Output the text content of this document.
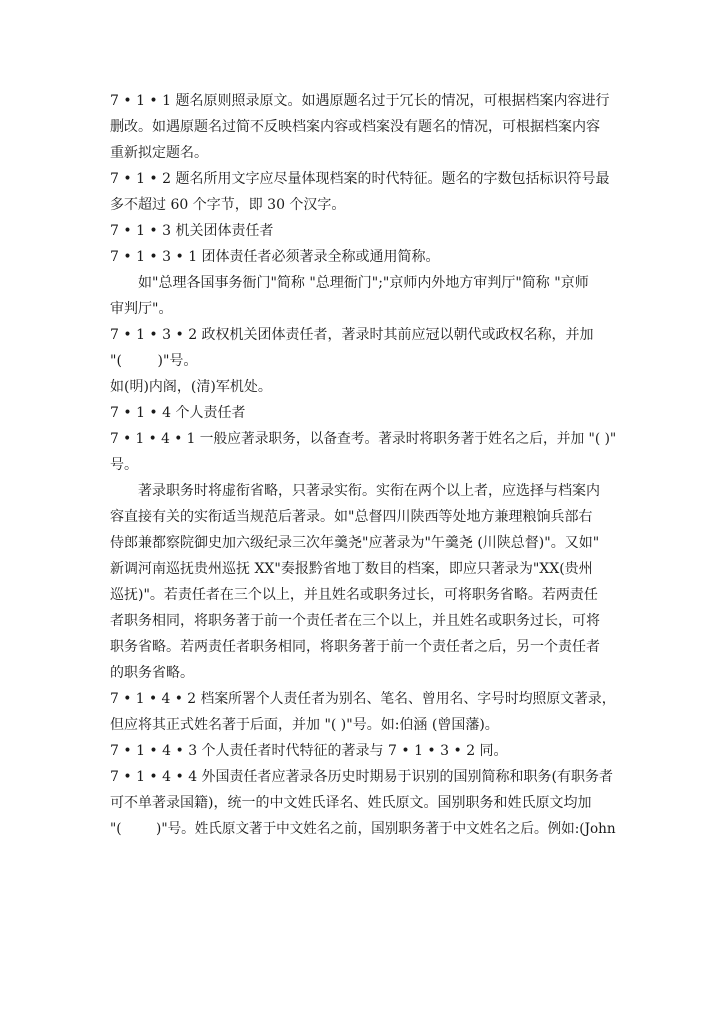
7 • 1 • 1 题名原则照录原文。如遇原题名过于冗长的情况，可根据档案内容进行
删改。如遇原题名过简不反映档案内容或档案没有题名的情况，可根据档案内容
重新拟定题名。
7 • 1 • 2 题名所用文字应尽量体现档案的时代特征。题名的字数包括标识符号最
多不超过 60 个字节，即 30 个汉字。
7 • 1 • 3 机关团体责任者
7 • 1 • 3 • 1 团体责任者必须著录全称或通用简称。
如"总理各国事务衙门"简称 "总理衙门";"京师内外地方审判厅"简称 "京师
审判厅"。
7 • 1 • 3 • 2 政权机关团体责任者，著录时其前应冠以朝代或政权名称，并加
"(        )"号。
如(明)内阁，(清)军机处。
7 • 1 • 4 个人责任者
7 • 1 • 4 • 1 一般应著录职务，以备查考。著录时将职务著于姓名之后，并加 "( )"
号。
著录职务时将虚衔省略，只著录实衔。实衔在两个以上者，应选择与档案内
容直接有关的实衔适当规范后著录。如"总督四川陕西等处地方兼理粮饷兵部右
侍郎兼都察院御史加六级纪录三次年羹尧"应著录为"午羹尧 (川陕总督)"。又如"
新调河南巡抚贵州巡抚 XX"奏报黔省地丁数目的档案，即应只著录为"XX(贵州
巡抚)"。若责任者在三个以上，并且姓名或职务过长，可将职务省略。若两责任
者职务相同，将职务著于前一个责任者在三个以上，并且姓名或职务过长，可将
职务省略。若两责任者职务相同，将职务著于前一个责任者之后，另一个责任者
的职务省略。
7 • 1 • 4 • 2 档案所署个人责任者为别名、笔名、曾用名、字号时均照原文著录，
但应将其正式姓名著于后面，并加 "( )"号。如:伯涵 (曾国藩)。
7 • 1 • 4 • 3 个人责任者时代特征的著录与 7 • 1 • 3 • 2 同。
7 • 1 • 4 • 4 外国责任者应著录各历史时期易于识别的国别简称和职务(有职务者
可不单著录国籍)，统一的中文姓氏译名、姓氏原文。国别职务和姓氏原文均加
"(        )"号。姓氏原文著于中文姓名之前，国别职务著于中文姓名之后。例如:(John
